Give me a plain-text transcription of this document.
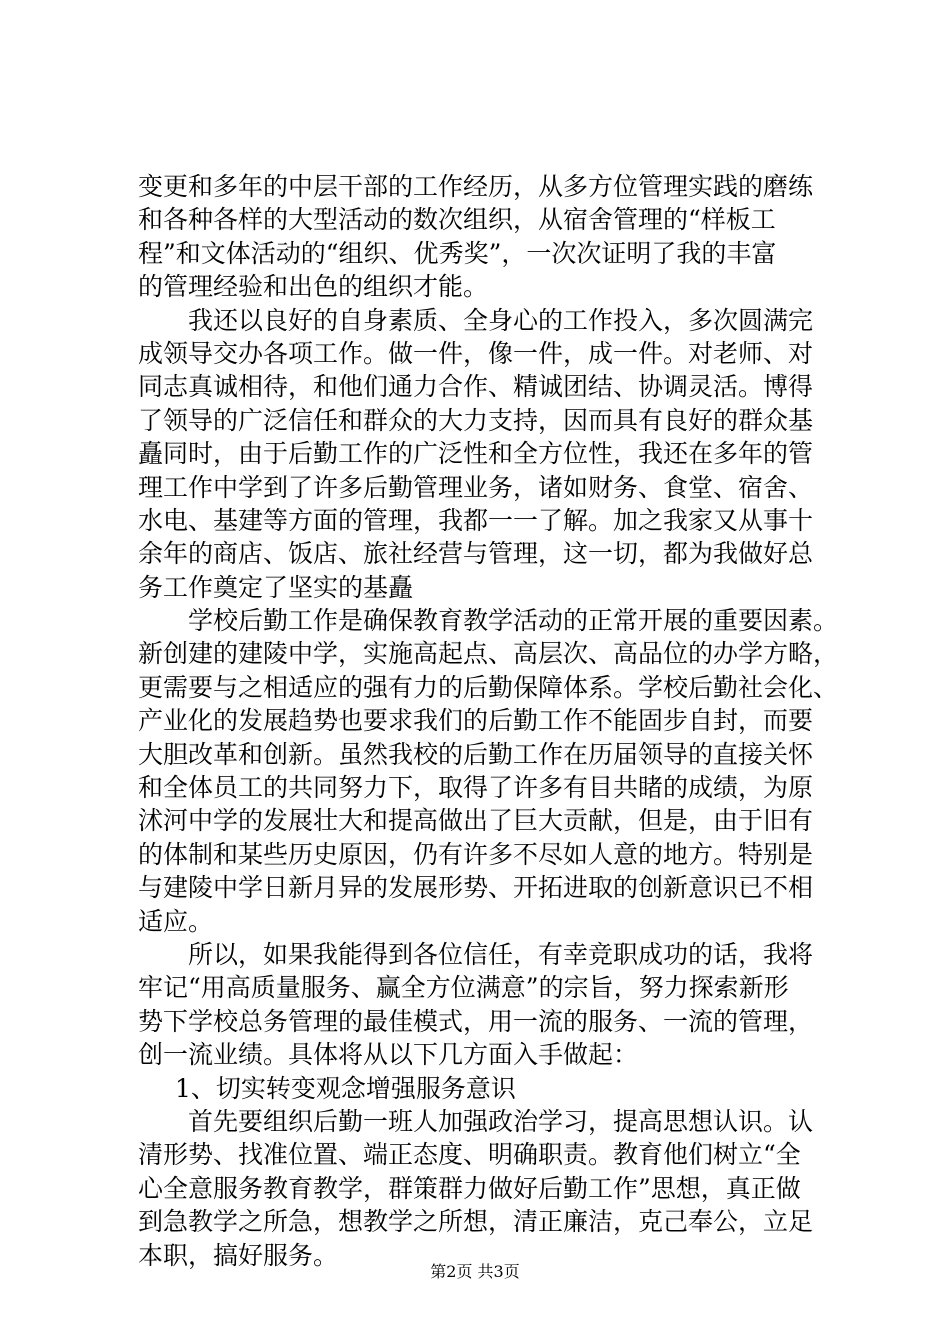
变更和多年的中层干部的工作经历，从多方位管理实践的磨练
和各种各样的大型活动的数次组织，从宿舍管理的“样板工
程”和文体活动的“组织、优秀奖”，一次次证明了我的丰富
的管理经验和出色的组织才能。
我还以良好的自身素质、全身心的工作投入，多次圆满完
成领导交办各项工作。做一件，像一件，成一件。对老师、对
同志真诚相待，和他们通力合作、精诚团结、协调灵活。博得
了领导的广泛信任和群众的大力支持，因而具有良好的群众基
矗同时，由于后勤工作的广泛性和全方位性，我还在多年的管
理工作中学到了许多后勤管理业务，诸如财务、食堂、宿舍、
水电、基建等方面的管理，我都一一了解。加之我家又从事十
余年的商店、饭店、旅社经营与管理，这一切，都为我做好总
务工作奠定了坚实的基矗
学校后勤工作是确保教育教学活动的正常开展的重要因素。
新创建的建陵中学，实施高起点、高层次、高品位的办学方略，
更需要与之相适应的强有力的后勤保障体系。学校后勤社会化、
产业化的发展趋势也要求我们的后勤工作不能固步自封，而要
大胆改革和创新。虽然我校的后勤工作在历届领导的直接关怀
和全体员工的共同努力下，取得了许多有目共睹的成绩，为原
沭河中学的发展壮大和提高做出了巨大贡献，但是，由于旧有
的体制和某些历史原因，仍有许多不尽如人意的地方。特别是
与建陵中学日新月异的发展形势、开拓进取的创新意识已不相
适应。
所以，如果我能得到各位信任，有幸竞职成功的话，我将
牢记“用高质量服务、赢全方位满意”的宗旨，努力探索新形
势下学校总务管理的最佳模式，用一流的服务、一流的管理，
创一流业绩。具体将从以下几方面入手做起：
1、切实转变观念增强服务意识
首先要组织后勤一班人加强政治学习，提高思想认识。认
清形势、找准位置、端正态度、明确职责。教育他们树立“全
心全意服务教育教学，群策群力做好后勤工作”思想，真正做
到急教学之所急，想教学之所想，清正廉洁，克己奉公，立足
本职，搞好服务。
第2页 共3页
